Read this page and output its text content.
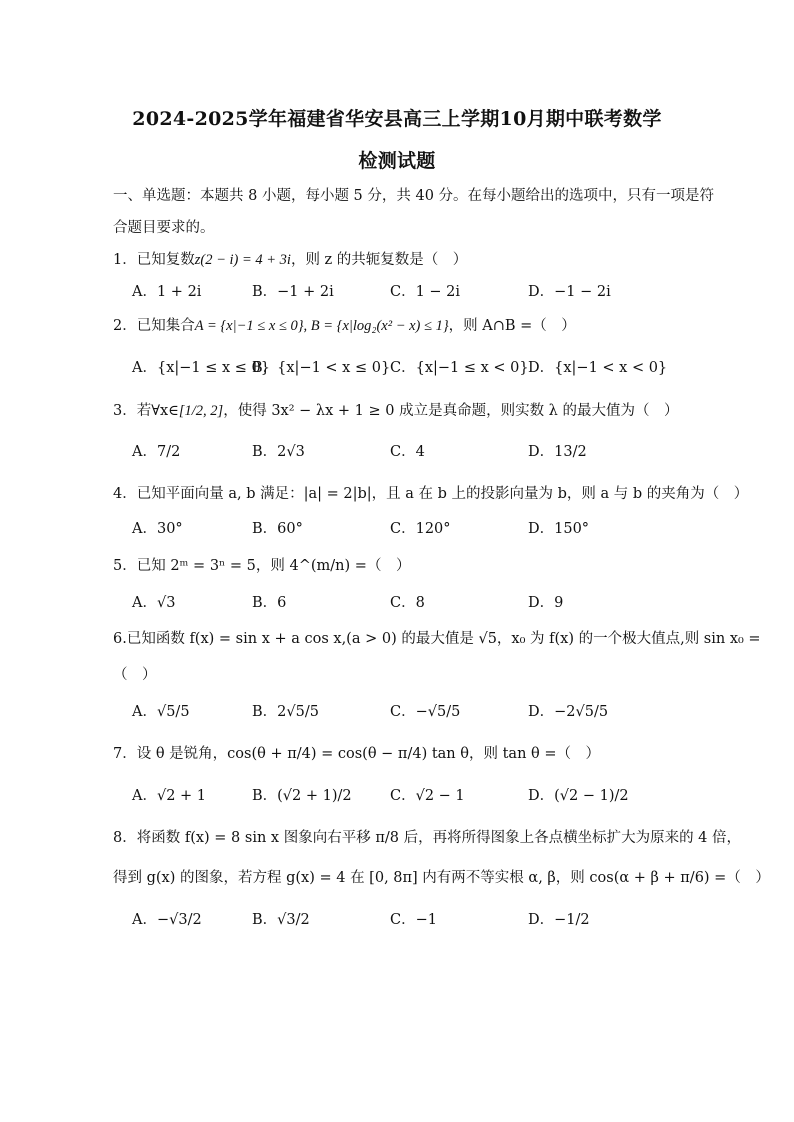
2024-2025学年福建省华安县高三上学期10月期中联考数学
检测试题
一、单选题：本题共 8 小题，每小题 5 分，共 40 分。在每小题给出的选项中，只有一项是符
合题目要求的。
1．已知复数z(2 − i) = 4 + 3i，则 z 的共轭复数是（　）
A．1 + 2i	B．−1 + 2i	C．1 − 2i	D．−1 − 2i
2．已知集合A = {x|−1 ≤ x ≤ 0}, B = {x|log₂(x² − x) ≤ 1}，则 A∩B =（　）
A．{x|−1 ≤ x ≤ 0}
B．{x|−1 < x ≤ 0} C．{x|−1 ≤ x < 0} D．{x|−1 < x < 0}
3．若∀x∈[1/2, 2]，使得 3x² − λx + 1 ≥ 0 成立是真命题，则实数 λ 的最大值为（　）
A．7/2	B．2√3	C．4	D．13/2
4．已知平面向量 a, b 满足：|a| = 2|b|，且 a 在 b 上的投影向量为 b，则 a 与 b 的夹角为（　）
A．30°	B．60°	C．120°	D．150°
5．已知 2ᵐ = 3ⁿ = 5，则 4^(m/n) =（　）
A．√3	B．6	C．8	D．9
6.已知函数 f(x) = sin x + a cos x,(a > 0) 的最大值是 √5，x₀ 为 f(x) 的一个极大值点,则 sin x₀ =
（　）
A．√5/5	B．2√5/5	C．−√5/5	D．−2√5/5
7．设 θ 是锐角，cos(θ + π/4) = cos(θ − π/4) tan θ，则 tan θ =（　）
A．√2 + 1	B．(√2 + 1)/2	C．√2 − 1	D．(√2 − 1)/2
8．将函数 f(x) = 8 sin x 图象向右平移 π/8 后，再将所得图象上各点横坐标扩大为原来的 4 倍，
得到 g(x) 的图象，若方程 g(x) = 4 在 [0, 8π] 内有两不等实根 α, β，则 cos(α + β + π/6) =（　）
A．−√3/2	B．√3/2	C．−1	D．−1/2
